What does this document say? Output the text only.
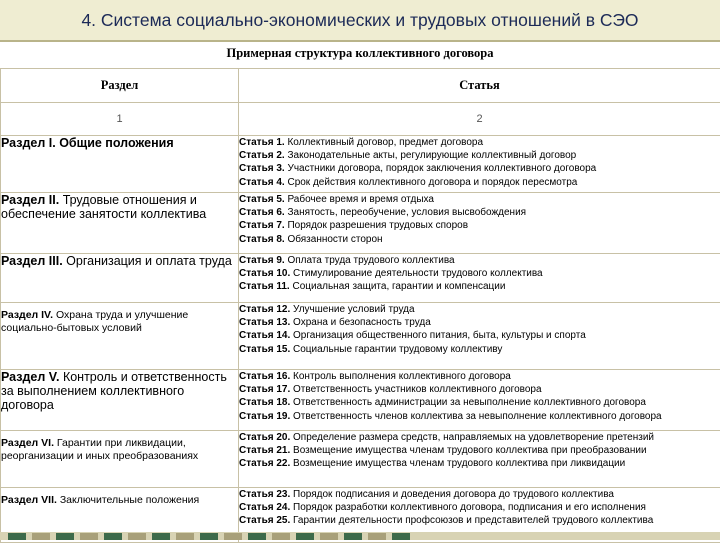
4. Система социально-экономических и трудовых отношений в СЭО
Примерная структура коллективного договора
Раздел	Статья
1	2
Раздел I. Общие положения	Статья 1. Коллективный договор, предмет договора
Статья 2. Законодательные акты, регулирующие коллективный договор
Статья 3. Участники договора, порядок заключения коллективного договора
Статья 4. Срок действия коллективного договора и порядок пересмотра

Раздел II. Трудовые отношения и обеспечение занятости коллектива	Статья 5. Рабочее время и время отдыха
Статья 6. Занятость, переобучение, условия высвобождения
Статья 7. Порядок разрешения трудовых споров
Статья 8. Обязанности сторон

Раздел III. Организация и оплата труда	Статья 9. Оплата труда трудового коллектива
Статья 10. Стимулирование деятельности трудового коллектива
Статья 11. Социальная защита, гарантии и компенсации

Раздел IV. Охрана труда и улучшение социально-бытовых условий	Статья 12. Улучшение условий труда
Статья 13. Охрана и безопасность труда
Статья 14. Организация общественного питания, быта, культуры и спорта
Статья 15. Социальные гарантии трудовому коллективу

Раздел V. Контроль и ответственность за выполнением коллективного договора	Статья 16. Контроль выполнения коллективного договора
Статья 17. Ответственность участников коллективного договора
Статья 18. Ответственность администрации за невыполнение коллективного договора
Статья 19. Ответственность членов коллектива за невыполнение коллективного договора

Раздел VI. Гарантии при ликвидации, реорганизации и иных преобразованиях	Статья 20. Определение размера средств, направляемых на удовлетворение претензий
Статья 21. Возмещение имущества членам трудового коллектива при преобразовании
Статья 22. Возмещение имущества членам трудового коллектива при ликвидации

Раздел VII. Заключительные положения	Статья 23. Порядок подписания и доведения договора до трудового коллектива
Статья 24. Порядок разработки коллективного договора, подписания и его исполнения
Статья 25. Гарантии деятельности профсоюзов и представителей трудового коллектива
